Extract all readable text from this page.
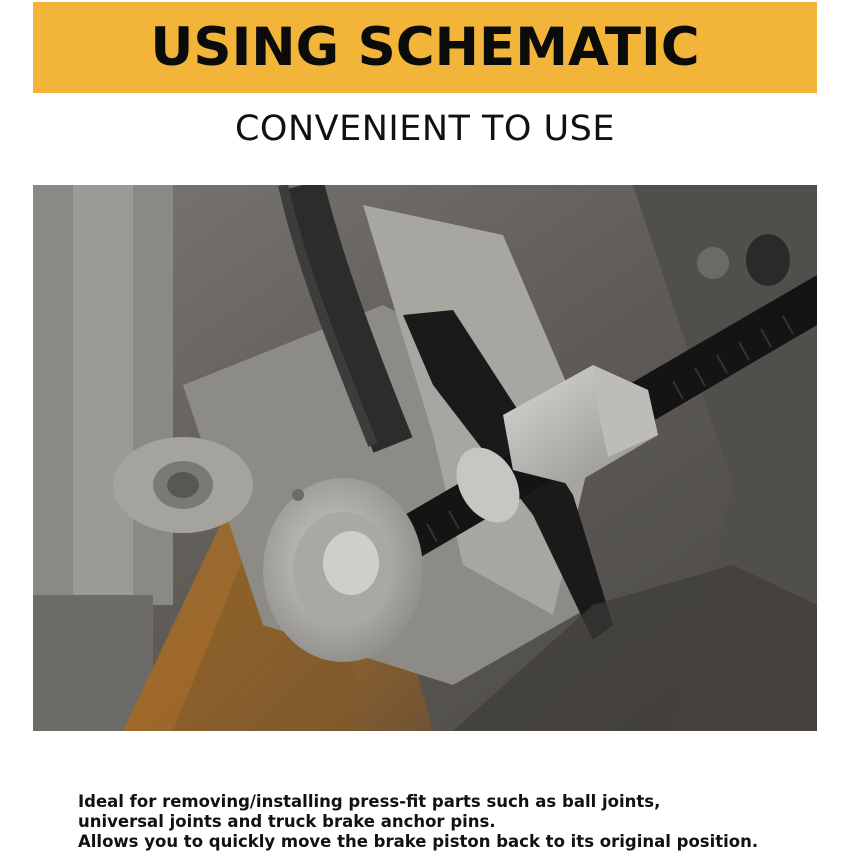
USING SCHEMATIC
CONVENIENT TO USE
Ideal for removing/installing press-fit parts such as ball joints,
universal joints and truck brake anchor pins.
Allows you to quickly move the brake piston back to its original position.
